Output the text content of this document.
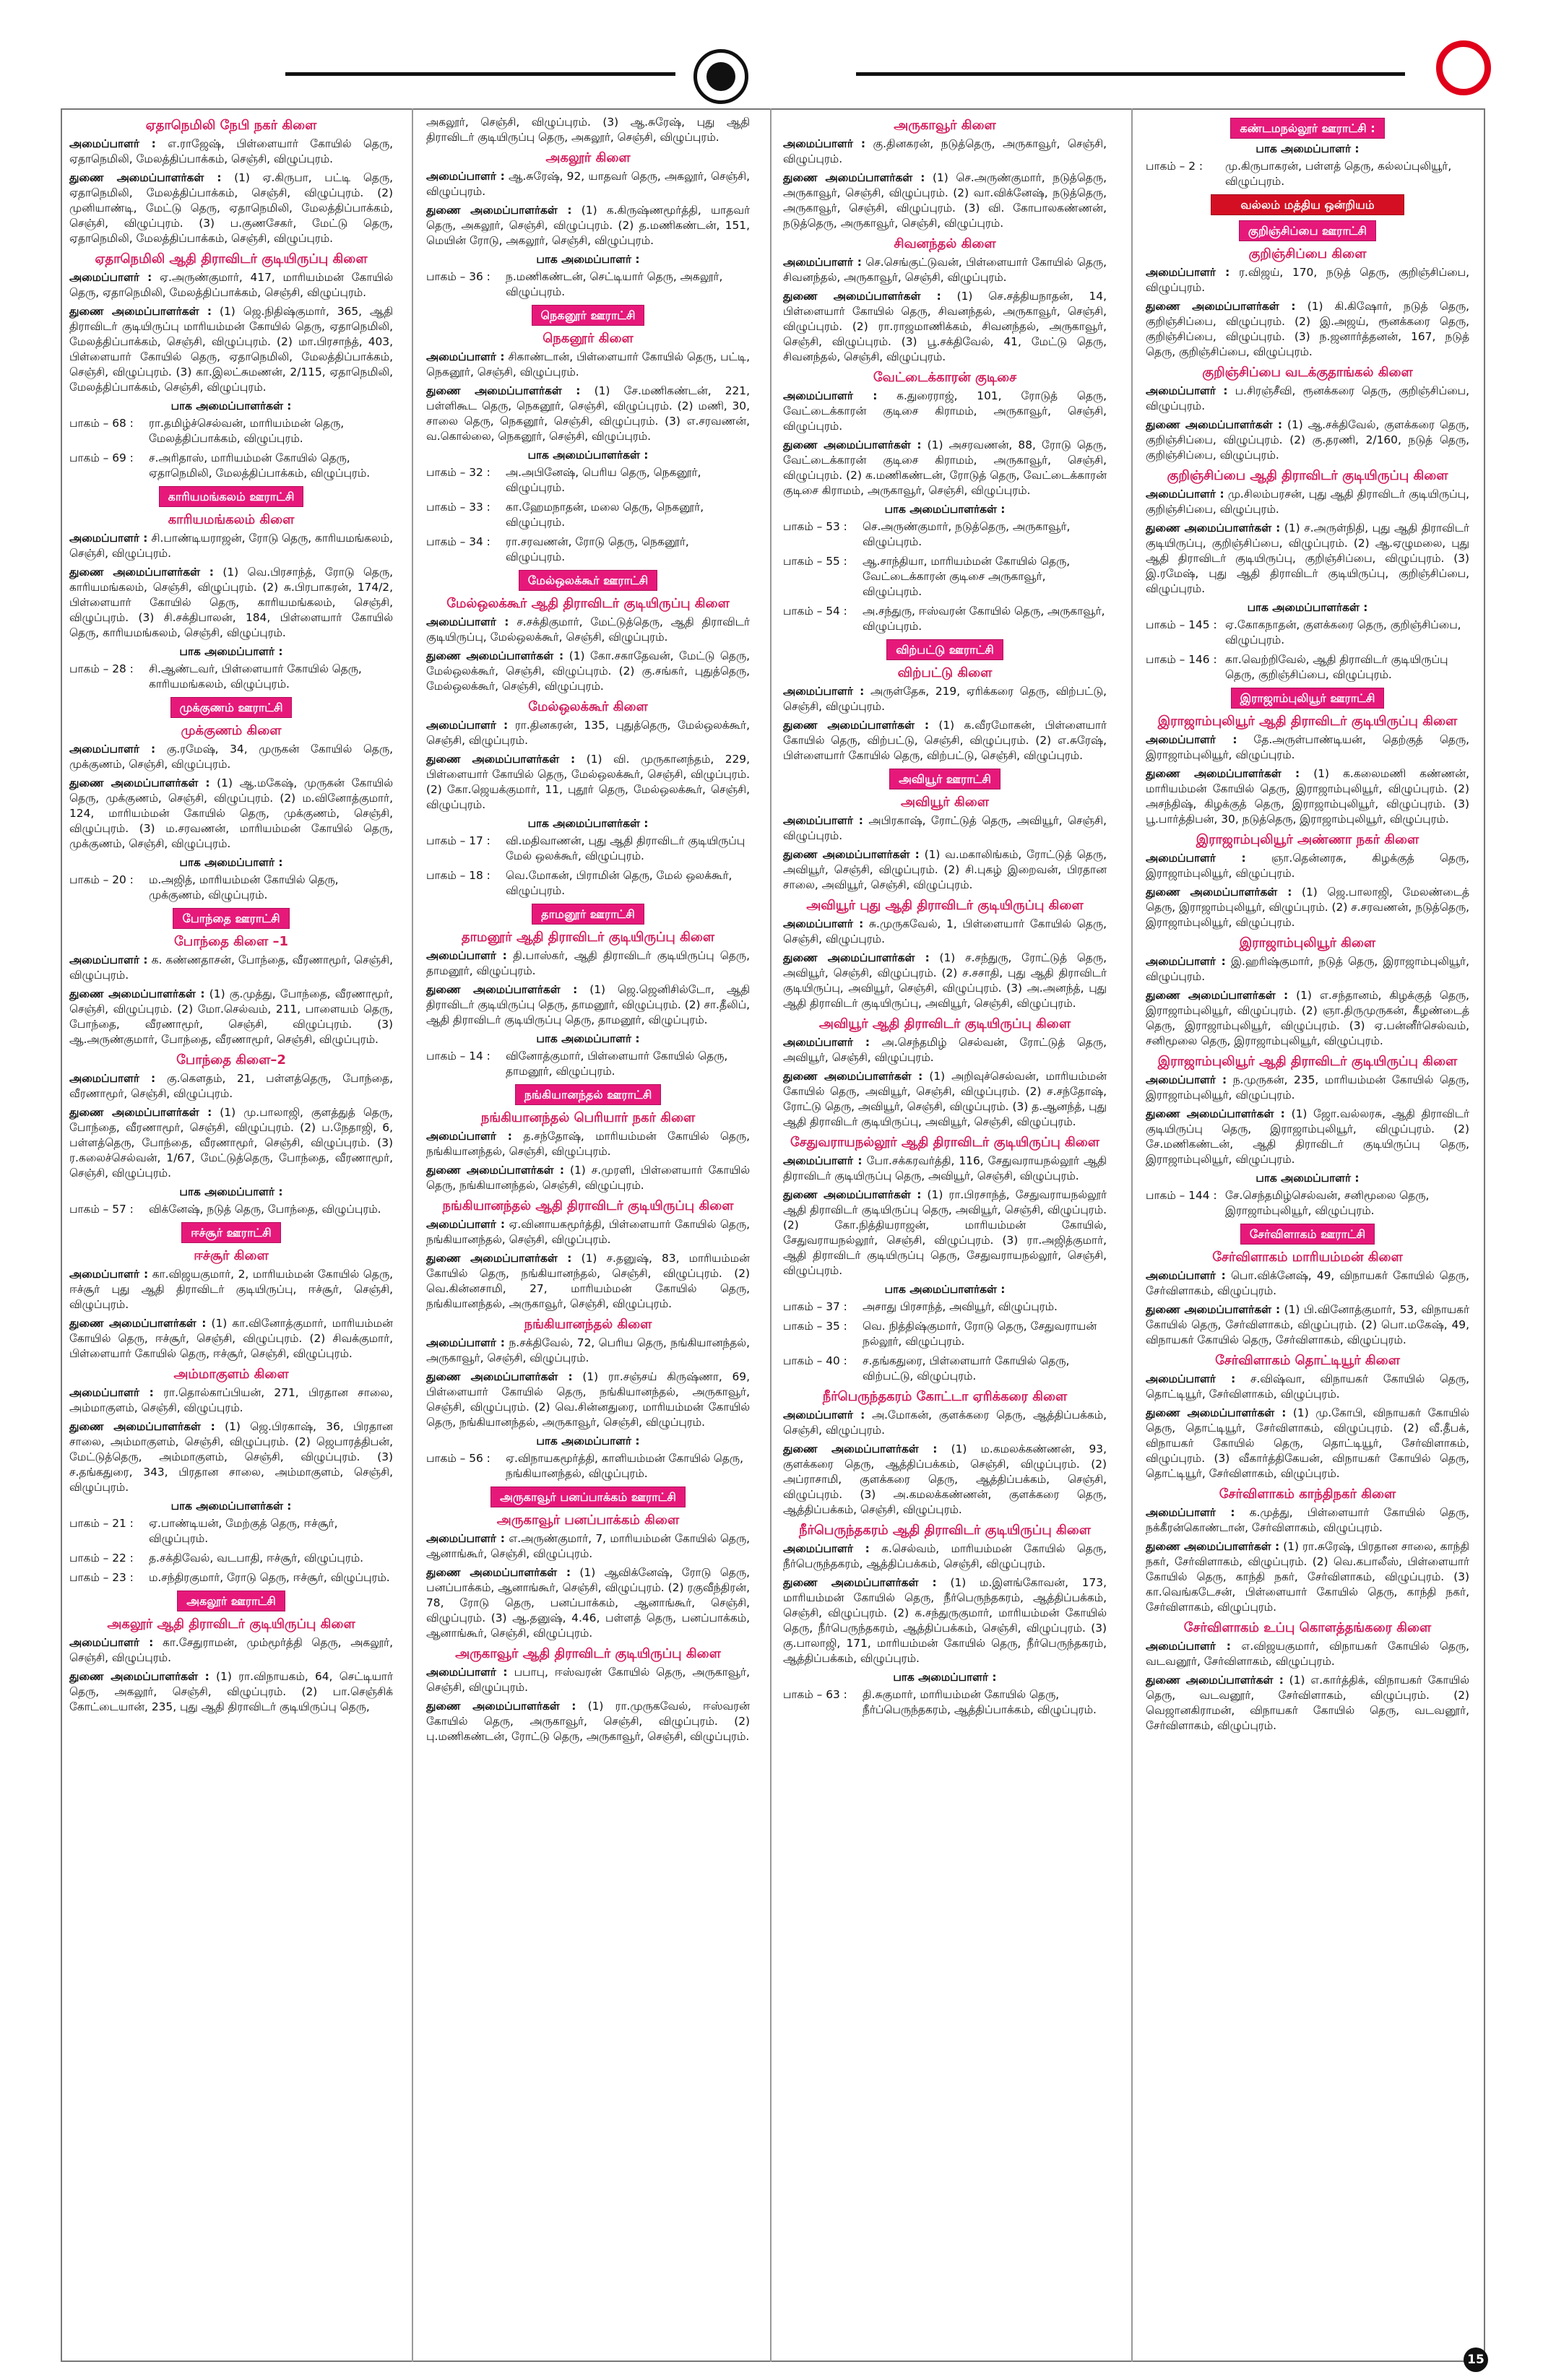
ஏதாநெமிலி நேபி நகர் கிளை
அமைப்பாளர் : எ.ராஜேஷ், பிள்ளையார் கோயில் தெரு, ஏதாநெமிலி, மேலத்திப்பாக்கம், செஞ்சி, விழுப்புரம்.
துணை அமைப்பாளர்கள் : (1) ஏ.கிருபா, பட்டி தெரு, ஏதாநெமிலி, மேலத்திப்பாக்கம், செஞ்சி, விழுப்புரம். (2) முனியாண்டி, மேட்டு தெரு, ஏதாநெமிலி, மேலத்திப்பாக்கம், செஞ்சி, விழுப்புரம். (3) ப.குணசேகர், மேட்டு தெரு, ஏதாநெமிலி, மேலத்திப்பாக்கம், செஞ்சி, விழுப்புரம்.
ஏதாநெமிலி ஆதி திராவிடர் குடியிருப்பு கிளை
அமைப்பாளர் : ஏ.அருண்குமார், 417, மாரியம்மன் கோயில் தெரு, ஏதாநெமிலி, மேலத்திப்பாக்கம், செஞ்சி, விழுப்புரம்.
துணை அமைப்பாளர்கள் : (1) ஜெ.நிதிஷ்குமார், 365, ஆதி திராவிடர் குடியிருப்பு மாரியம்மன் கோயில் தெரு, ஏதாநெமிலி, மேலத்திப்பாக்கம், செஞ்சி, விழுப்புரம். (2) மா.பிரசாந்த், 403, பிள்ளையார் கோயில் தெரு, ஏதாநெமிலி, மேலத்திப்பாக்கம், செஞ்சி, விழுப்புரம். (3) கா.இலட்சுமணன், 2/115, ஏதாநெமிலி, மேலத்திப்பாக்கம், செஞ்சி, விழுப்புரம்.
பாக அமைப்பாளர்கள் :
பாகம் – 68 :	ரா.தமிழ்ச்செல்வன், மாரியம்மன் தெரு, மேலத்திப்பாக்கம், விழுப்புரம்.
பாகம் – 69 :	ச.அரிதாஸ், மாரியம்மன் கோயில் தெரு, ஏதாநெமிலி, மேலத்திப்பாக்கம், விழுப்புரம்.
காரியமங்கலம் ஊராட்சி
காரியமங்கலம் கிளை
அமைப்பாளர் : சி.பாண்டியராஜன், ரோடு தெரு, காரியமங்கலம், செஞ்சி, விழுப்புரம்.
துணை அமைப்பாளர்கள் : (1) வெ.பிரசாந்த், ரோடு தெரு, காரியமங்கலம், செஞ்சி, விழுப்புரம். (2) சு.பிரபாகரன், 174/2, பிள்ளையார் கோயில் தெரு, காரியமங்கலம், செஞ்சி, விழுப்புரம். (3) சி.சக்திபாலன், 184, பிள்ளையார் கோயில் தெரு, காரியமங்கலம், செஞ்சி, விழுப்புரம்.
பாக அமைப்பாளர் :
பாகம் – 28 :	சி.ஆண்டவர், பிள்ளையார் கோயில் தெரு, காரியமங்கலம், விழுப்புரம்.
முக்குணம் ஊராட்சி
முக்குணம் கிளை
அமைப்பாளர் : கு.ரமேஷ், 34, முருகன் கோயில் தெரு, முக்குணம், செஞ்சி, விழுப்புரம்.
துணை அமைப்பாளர்கள் : (1) ஆ.மகேஷ், முருகன் கோயில் தெரு, முக்குணம், செஞ்சி, விழுப்புரம். (2) ம.வினோத்குமார், 124, மாரியம்மன் கோயில் தெரு, முக்குணம், செஞ்சி, விழுப்புரம். (3) ம.சரவணன், மாரியம்மன் கோயில் தெரு, முக்குணம், செஞ்சி, விழுப்புரம்.
பாக அமைப்பாளர் :
பாகம் – 20 :	ம.அஜித், மாரியம்மன் கோயில் தெரு, முக்குணம், விழுப்புரம்.
போந்தை ஊராட்சி
போந்தை கிளை –1
அமைப்பாளர் : க. கண்ணதாசன், போந்தை, வீரணாமூர், செஞ்சி, விழுப்புரம்.
துணை அமைப்பாளர்கள் : (1) கு.முத்து, போந்தை, வீரணாமூர், செஞ்சி, விழுப்புரம். (2) மோ.செல்வம், 211, பாளையம் தெரு, போந்தை, வீரணாமூர், செஞ்சி, விழுப்புரம். (3) ஆ.அருண்குமார், போந்தை, வீரணாமூர், செஞ்சி, விழுப்புரம்.
போந்தை கிளை–2
அமைப்பாளர் : கு.கௌதம், 21, பள்ளத்தெரு, போந்தை, வீரணாமூர், செஞ்சி, விழுப்புரம்.
துணை அமைப்பாளர்கள் : (1) மு.பாலாஜி, குளத்துத் தெரு, போந்தை, வீரணாமூர், செஞ்சி, விழுப்புரம். (2) ப.நேதாஜி, 6, பள்ளத்தெரு, போந்தை, வீரணாமூர், செஞ்சி, விழுப்புரம். (3) ர.கலைச்செல்வன், 1/67, மேட்டுத்தெரு, போந்தை, வீரணாமூர், செஞ்சி, விழுப்புரம்.
பாக அமைப்பாளர் :
பாகம் – 57 :	விக்னேஷ், நடுத் தெரு, போந்தை, விழுப்புரம்.
ஈச்சூர் ஊராட்சி
ஈச்சூர் கிளை
அமைப்பாளர் : கா.விஜயகுமார், 2, மாரியம்மன் கோயில் தெரு, ஈச்சூர் புது ஆதி திராவிடர் குடியிருப்பு, ஈச்சூர், செஞ்சி, விழுப்புரம்.
துணை அமைப்பாளர்கள் : (1) கா.வினோத்குமார், மாரியம்மன் கோயில் தெரு, ஈச்சூர், செஞ்சி, விழுப்புரம். (2) சிவக்குமார், பிள்ளையார் கோயில் தெரு, ஈச்சூர், செஞ்சி, விழுப்புரம்.
அம்மாகுளம் கிளை
அமைப்பாளர் : ரா.தொல்காப்பியன், 271, பிரதான சாலை, அம்மாகுளம், செஞ்சி, விழுப்புரம்.
துணை அமைப்பாளர்கள் : (1) ஜெ.பிரகாஷ், 36, பிரதான சாலை, அம்மாகுளம், செஞ்சி, விழுப்புரம். (2) ஜெபாரத்திபன், மேட்டுத்தெரு, அம்மாகுளம், செஞ்சி, விழுப்புரம். (3) ச.தங்கதுரை, 343, பிரதான சாலை, அம்மாகுளம், செஞ்சி, விழுப்புரம்.
பாக அமைப்பாளர்கள் :
பாகம் – 21 :	ஏ.பாண்டியன், மேற்குத் தெரு, ஈச்சூர், விழுப்புரம்.
பாகம் – 22 :	த.சக்திவேல், வடபாதி, ஈச்சூர், விழுப்புரம்.
பாகம் – 23 :	ம.சந்திரகுமார், ரோடு தெரு, ஈச்சூர், விழுப்புரம்.
அகலூர் ஊராட்சி
அகலூர் ஆதி திராவிடர் குடியிருப்பு கிளை
அமைப்பாளர் : கா.சேதுராமன், மும்மூர்த்தி தெரு, அகலூர், செஞ்சி, விழுப்புரம்.
துணை அமைப்பாளர்கள் : (1) ரா.விநாயகம், 64, செட்டியார் தெரு, அகலூர், செஞ்சி, விழுப்புரம். (2) பா.செஞ்சிக் கோட்டையான், 235, புது ஆதி திராவிடர் குடியிருப்பு தெரு,
அகலூர், செஞ்சி, விழுப்புரம். (3) ஆ.சுரேஷ், புது ஆதி திராவிடர் குடியிருப்பு தெரு, அகலூர், செஞ்சி, விழுப்புரம்.
அகலூர் கிளை
அமைப்பாளர் : ஆ.சுரேஷ், 92, யாதவர் தெரு, அகலூர், செஞ்சி, விழுப்புரம்.
துணை அமைப்பாளர்கள் : (1) க.கிருஷ்ணமூர்த்தி, யாதவர் தெரு, அகலூர், செஞ்சி, விழுப்புரம். (2) த.மணிகண்டன், 151, மெயின் ரோடு, அகலூர், செஞ்சி, விழுப்புரம்.
பாக அமைப்பாளர் :
பாகம் – 36 :	ந.மணிகண்டன், செட்டியார் தெரு, அகலூர், விழுப்புரம்.
நெகனூர் ஊராட்சி
நெகனூர் கிளை
அமைப்பாளர் : சிகாண்டான், பிள்ளையார் கோயில் தெரு, பட்டி, நெகனூர், செஞ்சி, விழுப்புரம்.
துணை அமைப்பாளர்கள் : (1) சே.மணிகண்டன், 221, பள்ளிகூட தெரு, நெகனூர், செஞ்சி, விழுப்புரம். (2) மணி, 30, சாலை தெரு, நெகனூர், செஞ்சி, விழுப்புரம். (3) எ.சரவணன், வ.கொல்லை, நெகனூர், செஞ்சி, விழுப்புரம்.
பாக அமைப்பாளர்கள் :
பாகம் – 32 :	அ.அபினேஷ், பெரிய தெரு, நெகனூர், விழுப்புரம்.
பாகம் – 33 :	கா.ஹேமநாதன், மலை தெரு, நெகனூர், விழுப்புரம்.
பாகம் – 34 :	ரா.சரவணன், ரோடு தெரு, நெகனூர், விழுப்புரம்.
மேல்ஒலக்கூர் ஊராட்சி
மேல்ஒலக்கூர் ஆதி திராவிடர் குடியிருப்பு கிளை
அமைப்பாளர் : ச.சக்திகுமார், மேட்டுத்தெரு, ஆதி திராவிடர் குடியிருப்பு, மேல்ஒலக்கூர், செஞ்சி, விழுப்புரம்.
துணை அமைப்பாளர்கள் : (1) கோ.சகாதேவன், மேட்டு தெரு, மேல்ஒலக்கூர், செஞ்சி, விழுப்புரம். (2) கு.சங்கர், புதுத்தெரு, மேல்ஒலக்கூர், செஞ்சி, விழுப்புரம்.
மேல்ஒலக்கூர் கிளை
அமைப்பாளர் : ரா.தினகரன், 135, புதுத்தெரு, மேல்ஒலக்கூர், செஞ்சி, விழுப்புரம்.
துணை அமைப்பாளர்கள் : (1) வி. முருகானந்தம், 229, பிள்ளையார் கோயில் தெரு, மேல்ஒலக்கூர், செஞ்சி, விழுப்புரம். (2) கோ.ஜெயக்குமார், 11, புதூர் தெரு, மேல்ஒலக்கூர், செஞ்சி, விழுப்புரம்.
பாக அமைப்பாளர்கள் :
பாகம் – 17 :	வி.மதிவாணன், புது ஆதி திராவிடர் குடியிருப்பு மேல் ஒலக்கூர், விழுப்புரம்.
பாகம் – 18 :	வெ.மோகன், பிராமின் தெரு, மேல் ஒலக்கூர், விழுப்புரம்.
தாமனூர் ஊராட்சி
தாமனூர் ஆதி திராவிடர் குடியிருப்பு கிளை
அமைப்பாளர் : தி.பாஸ்கர், ஆதி திராவிடர் குடியிருப்பு தெரு, தாமனூர், விழுப்புரம்.
துணை அமைப்பாளர்கள் : (1) ஜெ.ஜெனிசில்டோ, ஆதி திராவிடர் குடியிருப்பு தெரு, தாமனூர், விழுப்புரம். (2) சா.தீலிப், ஆதி திராவிடர் குடியிருப்பு தெரு, தாமனூர், விழுப்புரம்.
பாக அமைப்பாளர் :
பாகம் – 14 :	வினோத்குமார், பிள்ளையார் கோயில் தெரு, தாமனூர், விழுப்புரம்.
நங்கியானந்தல் ஊராட்சி
நங்கியானந்தல் பெரியார் நகர் கிளை
அமைப்பாளர் : த.சந்தோஷ், மாரியம்மன் கோயில் தெரு, நங்கியானந்தல், செஞ்சி, விழுப்புரம்.
துணை அமைப்பாளர்கள் : (1) ச.முரளி, பிள்ளையார் கோயில் தெரு, நங்கியானந்தல், செஞ்சி, விழுப்புரம்.
நங்கியானந்தல் ஆதி திராவிடர் குடியிருப்பு கிளை
அமைப்பாளர் : ஏ.வினாயகமூர்த்தி, பிள்ளையார் கோயில் தெரு, நங்கியானந்தல், செஞ்சி, விழுப்புரம்.
துணை அமைப்பாளர்கள் : (1) ச.தனுஷ், 83, மாரியம்மன் கோயில் தெரு, நங்கியானந்தல், செஞ்சி, விழுப்புரம். (2) வெ.கின்னசாமி, 27, மாரியம்மன் கோயில் தெரு, நங்கியானந்தல், அருகாவூர், செஞ்சி, விழுப்புரம்.
நங்கியானந்தல் கிளை
அமைப்பாளர் : ந.சக்திவேல், 72, பெரிய தெரு, நங்கியானந்தல், அருகாவூர், செஞ்சி, விழுப்புரம்.
துணை அமைப்பாளர்கள் : (1) ரா.சஞ்சய் கிருஷ்ணா, 69, பிள்ளையார் கோயில் தெரு, நங்கியானந்தல், அருகாவூர், செஞ்சி, விழுப்புரம். (2) வெ.சின்னதுரை, மாரியம்மன் கோயில் தெரு, நங்கியானந்தல், அருகாவூர், செஞ்சி, விழுப்புரம்.
பாக அமைப்பாளர் :
பாகம் – 56 :	ஏ.விநாயகமூர்த்தி, காளியம்மன் கோயில் தெரு, நங்கியானந்தல், விழுப்புரம்.
அருகாவூர் பனப்பாக்கம் ஊராட்சி
அருகாவூர் பனப்பாக்கம் கிளை
அமைப்பாளர் : எ.அருண்குமார், 7, மாரியம்மன் கோயில் தெரு, ஆனாங்கூர், செஞ்சி, விழுப்புரம்.
துணை அமைப்பாளர்கள் : (1) ஆவிக்னேஷ், ரோடு தெரு, பனப்பாக்கம், ஆனாங்கூர், செஞ்சி, விழுப்புரம். (2) ரகுவீந்திரன், 78, ரோடு தெரு, பனப்பாக்கம், ஆனாங்கூர், செஞ்சி, விழுப்புரம். (3) ஆ.தனுஷ், 4.46, பள்ளத் தெரு, பனப்பாக்கம், ஆனாங்கூர், செஞ்சி, விழுப்புரம்.
அருகாவூர் ஆதி திராவிடர் குடியிருப்பு கிளை
அமைப்பாளர் : பபாபு, ஈஸ்வரன் கோயில் தெரு, அருகாவூர், செஞ்சி, விழுப்புரம்.
துணை அமைப்பாளர்கள் : (1) ரா.முருகவேல், ஈஸ்வரன் கோயில் தெரு, அருகாவூர், செஞ்சி, விழுப்புரம். (2) பு.மணிகண்டன், ரோட்டு தெரு, அருகாவூர், செஞ்சி, விழுப்புரம்.
அருகாவூர் கிளை
அமைப்பாளர் : கு.தினகரன், நடுத்தெரு, அருகாவூர், செஞ்சி, விழுப்புரம்.
துணை அமைப்பாளர்கள் : (1) செ.அருண்குமார், நடுத்தெரு, அருகாவூர், செஞ்சி, விழுப்புரம். (2) வா.விக்னேஷ், நடுத்தெரு, அருகாவூர், செஞ்சி, விழுப்புரம். (3) வி. கோபாலகண்ணன், நடுத்தெரு, அருகாவூர், செஞ்சி, விழுப்புரம்.
சிவனந்தல் கிளை
அமைப்பாளர் : செ.செங்குட்டுவன், பிள்ளையார் கோயில் தெரு, சிவனந்தல், அருகாவூர், செஞ்சி, விழுப்புரம்.
துணை அமைப்பாளர்கள் : (1) செ.சத்தியநாதன், 14, பிள்ளையார் கோயில் தெரு, சிவனந்தல், அருகாவூர், செஞ்சி, விழுப்புரம். (2) ரா.ராஜமாணிக்கம், சிவனந்தல், அருகாவூர், செஞ்சி, விழுப்புரம். (3) பூ.சக்திவேல், 41, மேட்டு தெரு, சிவனந்தல், செஞ்சி, விழுப்புரம்.
வேட்டைக்காரன் குடிசை
அமைப்பாளர் : க.துரைராஜ், 101, ரோடுத் தெரு, வேட்டைக்காரன் குடிசை கிராமம், அருகாவூர், செஞ்சி, விழுப்புரம்.
துணை அமைப்பாளர்கள் : (1) அசரவணன், 88, ரோடு தெரு, வேட்டைக்காரன் குடிசை கிராமம், அருகாவூர், செஞ்சி, விழுப்புரம். (2) க.மணிகண்டன், ரோடுத் தெரு, வேட்டைக்காரன் குடிசை கிராமம், அருகாவூர், செஞ்சி, விழுப்புரம்.
பாக அமைப்பாளர்கள் :
பாகம் – 53 :	செ.அருண்குமார், நடுத்தெரு, அருகாவூர், விழுப்புரம்.
பாகம் – 55 :	ஆ.சாந்தியா, மாரியம்மன் கோயில் தெரு, வேட்டைக்காரன் குடிசை அருகாவூர், விழுப்புரம்.
பாகம் – 54 :	அ.சந்துரு, ஈஸ்வரன் கோயில் தெரு, அருகாவூர், விழுப்புரம்.
விற்பட்டு ஊராட்சி
விற்பட்டு கிளை
அமைப்பாளர் : அருள்தேசு, 219, ஏரிக்கரை தெரு, விற்பட்டு, செஞ்சி, விழுப்புரம்.
துணை அமைப்பாளர்கள் : (1) க.வீரமோகன், பிள்ளையார் கோயில் தெரு, விற்பட்டு, செஞ்சி, விழுப்புரம். (2) எ.சுரேஷ், பிள்ளையார் கோயில் தெரு, விற்பட்டு, செஞ்சி, விழுப்புரம்.
அவியூர் ஊராட்சி
அவியூர் கிளை
அமைப்பாளர் : அபிரகாஷ், ரோட்டுத் தெரு, அவியூர், செஞ்சி, விழுப்புரம்.
துணை அமைப்பாளர்கள் : (1) வ.மகாலிங்கம், ரோட்டுத் தெரு, அவியூர், செஞ்சி, விழுப்புரம். (2) சி.புகழ் இறைவன், பிரதான சாலை, அவியூர், செஞ்சி, விழுப்புரம்.
அவியூர் புது ஆதி திராவிடர் குடியிருப்பு கிளை
அமைப்பாளர் : சு.முருகவேல், 1, பிள்ளையார் கோயில் தெரு, செஞ்சி, விழுப்புரம்.
துணை அமைப்பாளர்கள் : (1) ச.சந்துரு, ரோட்டுத் தெரு, அவியூர், செஞ்சி, விழுப்புரம். (2) ச.சசாதி, புது ஆதி திராவிடர் குடியிருப்பு, அவியூர், செஞ்சி, விழுப்புரம். (3) அ.அனந்த், புது ஆதி திராவிடர் குடியிருப்பு, அவியூர், செஞ்சி, விழுப்புரம்.
அவியூர் ஆதி திராவிடர் குடியிருப்பு கிளை
அமைப்பாளர் : அ.செந்தமிழ் செல்வன், ரோட்டுத் தெரு, அவியூர், செஞ்சி, விழுப்புரம்.
துணை அமைப்பாளர்கள் : (1) அறிவுச்செல்வன், மாரியம்மன் கோயில் தெரு, அவியூர், செஞ்சி, விழுப்புரம். (2) ச.சந்தோஷ், ரோட்டு தெரு, அவியூர், செஞ்சி, விழுப்புரம். (3) த.ஆனந்த், புது ஆதி திராவிடர் குடியிருப்பு, அவியூர், செஞ்சி, விழுப்புரம்.
சேதுவராயநல்லூர் ஆதி திராவிடர் குடியிருப்பு கிளை
அமைப்பாளர் : போ.சக்கரவர்த்தி, 116, சேதுவராயநல்லூர் ஆதி திராவிடர் குடியிருப்பு தெரு, அவியூர், செஞ்சி, விழுப்புரம்.
துணை அமைப்பாளர்கள் : (1) ரா.பிரசாந்த், சேதுவராயநல்லூர் ஆதி திராவிடர் குடியிருப்பு தெரு, அவியூர், செஞ்சி, விழுப்புரம். (2) கோ.நித்தியராஜன், மாரியம்மன் கோயில், சேதுவராயநல்லூர், செஞ்சி, விழுப்புரம். (3) ரா.அஜித்குமார், ஆதி திராவிடர் குடியிருப்பு தெரு, சேதுவராயநல்லூர், செஞ்சி, விழுப்புரம்.
பாக அமைப்பாளர்கள் :
பாகம் – 37 :	அசாது பிரசாந்த், அவியூர், விழுப்புரம்.
பாகம் – 35 :	வெ. நித்திஷ்குமார், ரோடு தெரு, சேதுவராயன் நல்லூர், விழுப்புரம்.
பாகம் – 40 :	ச.தங்கதுரை, பிள்ளையார் கோயில் தெரு, விற்பட்டு, விழுப்புரம்.
நீர்பெருந்தகரம் கோட்டா ஏரிக்கரை கிளை
அமைப்பாளர் : அ.மோகன், குளக்கரை தெரு, ஆத்திப்பக்கம், செஞ்சி, விழுப்புரம்.
துணை அமைப்பாளர்கள் : (1) ம.கமலக்கண்ணன், 93, குளக்கரை தெரு, ஆத்திப்பக்கம், செஞ்சி, விழுப்புரம். (2) அப்ராசாமி, குளக்கரை தெரு, ஆத்திப்பக்கம், செஞ்சி, விழுப்புரம். (3) அ.கமலக்கண்ணன், குளக்கரை தெரு, ஆத்திப்பக்கம், செஞ்சி, விழுப்புரம்.
நீர்பெருந்தகரம் ஆதி திராவிடர் குடியிருப்பு கிளை
அமைப்பாளர் : க.செல்வம், மாரியம்மன் கோயில் தெரு, நீர்பெருந்தகரம், ஆத்திப்பக்கம், செஞ்சி, விழுப்புரம்.
துணை அமைப்பாளர்கள் : (1) ம.இளங்கோவன், 173, மாரியம்மன் கோயில் தெரு, நீர்பெருந்தகரம், ஆத்திப்பக்கம், செஞ்சி, விழுப்புரம். (2) க.சந்துருகுமார், மாரியம்மன் கோயில் தெரு, நீர்பெருந்தகரம், ஆத்திப்பக்கம், செஞ்சி, விழுப்புரம். (3) கு.பாலாஜி, 171, மாரியம்மன் கோயில் தெரு, நீர்பெருந்தகரம், ஆத்திப்பக்கம், விழுப்புரம்.
பாக அமைப்பாளர் :
பாகம் – 63 :	தி.சுகுமார், மாரியம்மன் கோயில் தெரு, நீர்ப்பெருந்தகரம், ஆத்திப்பாக்கம், விழுப்புரம்.
கண்டமநல்லூர் ஊராட்சி :
பாக அமைப்பாளர் :
பாகம் – 2 :	மு.கிருபாகரன், பள்ளத் தெரு, கல்லப்புலியூர், விழுப்புரம்.
வல்லம் மத்திய ஒன்றியம்
குறிஞ்சிப்பை ஊராட்சி
குறிஞ்சிப்பை கிளை
அமைப்பாளர் : ர.விஜய், 170, நடுத் தெரு, குறிஞ்சிப்பை, விழுப்புரம்.
துணை அமைப்பாளர்கள் : (1) கி.கிஷோர், நடுத் தெரு, குறிஞ்சிப்பை, விழுப்புரம். (2) இ.அஜய், ரூனக்கரை தெரு, குறிஞ்சிப்பை, விழுப்புரம். (3) ந.ஜனார்த்தனன், 167, நடுத் தெரு, குறிஞ்சிப்பை, விழுப்புரம்.
குறிஞ்சிப்பை வடக்குதாங்கல் கிளை
அமைப்பாளர் : ப.சிரஞ்சீவி, ரூனக்கரை தெரு, குறிஞ்சிப்பை, விழுப்புரம்.
துணை அமைப்பாளர்கள் : (1) ஆ.சக்திவேல், குளக்கரை தெரு, குறிஞ்சிப்பை, விழுப்புரம். (2) கு.தரணி, 2/160, நடுத் தெரு, குறிஞ்சிப்பை, விழுப்புரம்.
குறிஞ்சிப்பை ஆதி திராவிடர் குடியிருப்பு கிளை
அமைப்பாளர் : மு.சிலம்பரசன், புது ஆதி திராவிடர் குடியிருப்பு, குறிஞ்சிப்பை, விழுப்புரம்.
துணை அமைப்பாளர்கள் : (1) ச.அருள்நிதி, புது ஆதி திராவிடர் குடியிருப்பு, குறிஞ்சிப்பை, விழுப்புரம். (2) ஆ.ஏழுமலை, புது ஆதி திராவிடர் குடியிருப்பு, குறிஞ்சிப்பை, விழுப்புரம். (3) இ.ரமேஷ், புது ஆதி திராவிடர் குடியிருப்பு, குறிஞ்சிப்பை, விழுப்புரம்.
பாக அமைப்பாளர்கள் :
பாகம் – 145 : ஏ.கோகநாதன், குளக்கரை தெரு, குறிஞ்சிப்பை, விழுப்புரம்.
பாகம் – 146 : கா.வெற்றிவேல், ஆதி திராவிடர் குடியிருப்பு தெரு, குறிஞ்சிப்பை, விழுப்புரம்.
இராஜாம்புலியூர் ஊராட்சி
இராஜாம்புலியூர் ஆதி திராவிடர் குடியிருப்பு கிளை
அமைப்பாளர் : தே.அருள்பாண்டியன், தெற்குத் தெரு, இராஜாம்புலியூர், விழுப்புரம்.
துணை அமைப்பாளர்கள் : (1) க.கலைமணி கண்ணன், மாரியம்மன் கோயில் தெரு, இராஜாம்புலியூர், விழுப்புரம். (2) அசந்திஷ், கிழக்குத் தெரு, இராஜாம்புலியூர், விழுப்புரம். (3) பூ.பார்த்திபன், 30, நடுத்தெரு, இராஜாம்புலியூர், விழுப்புரம்.
இராஜாம்புலியூர் அண்ணா நகர் கிளை
அமைப்பாளர் : ஞா.தென்னரசு, கிழக்குத் தெரு, இராஜாம்புலியூர், விழுப்புரம்.
துணை அமைப்பாளர்கள் : (1) ஜெ.பாலாஜி, மேலண்டைத் தெரு, இராஜாம்புலியூர், விழுப்புரம். (2) ச.சரவணன், நடுத்தெரு, இராஜாம்புலியூர், விழுப்புரம்.
இராஜாம்புலியூர் கிளை
அமைப்பாளர் : இ.ஹரிஷ்குமார், நடுத் தெரு, இராஜாம்புலியூர், விழுப்புரம்.
துணை அமைப்பாளர்கள் : (1) எ.சந்தானம், கிழக்குத் தெரு, இராஜாம்புலியூர், விழுப்புரம். (2) ஞா.திருமுருகன், கீழண்டைத் தெரு, இராஜாம்புலியூர், விழுப்புரம். (3) ஏ.பன்னீர்செல்வம், சனிமூலை தெரு, இராஜாம்புலியூர், விழுப்புரம்.
இராஜாம்புலியூர் ஆதி திராவிடர் குடியிருப்பு கிளை
அமைப்பாளர் : ந.முருகன், 235, மாரியம்மன் கோயில் தெரு, இராஜாம்புலியூர், விழுப்புரம்.
துணை அமைப்பாளர்கள் : (1) ஜோ.வல்லரசு, ஆதி திராவிடர் குடியிருப்பு தெரு, இராஜாம்புலியூர், விழுப்புரம். (2) சே.மணிகண்டன், ஆதி திராவிடர் குடியிருப்பு தெரு, இராஜாம்புலியூர், விழுப்புரம்.
பாக அமைப்பாளர் :
பாகம் – 144 : சே.செந்தமிழ்செல்வன், சனிமூலை தெரு, இராஜாம்புலியூர், விழுப்புரம்.
சேர்விளாகம் ஊராட்சி
சேர்விளாகம் மாரியம்மன் கிளை
அமைப்பாளர் : பொ.விக்னேஷ், 49, விநாயகர் கோயில் தெரு, சேர்விளாகம், விழுப்புரம்.
துணை அமைப்பாளர்கள் : (1) பி.வினோத்குமார், 53, விநாயகர் கோயில் தெரு, சேர்விளாகம், விழுப்புரம். (2) பொ.மகேஷ், 49, விநாயகர் கோயில் தெரு, சேர்விளாகம், விழுப்புரம்.
சேர்விளாகம் தொட்டியூர் கிளை
அமைப்பாளர் : ச.விஷ்வா, விநாயகர் கோயில் தெரு, தொட்டியூர், சேர்விளாகம், விழுப்புரம்.
துணை அமைப்பாளர்கள் : (1) மு.கோபி, விநாயகர் கோயில் தெரு, தொட்டியூர், சேர்விளாகம், விழுப்புரம். (2) வீ.தீபக், விநாயகர் கோயில் தெரு, தொட்டியூர், சேர்விளாகம், விழுப்புரம். (3) வீகார்த்திகேயன், விநாயகர் கோயில் தெரு, தொட்டியூர், சேர்விளாகம், விழுப்புரம்.
சேர்விளாகம் காந்திநகர் கிளை
அமைப்பாளர் : க.முத்து, பிள்ளையார் கோயில் தெரு, நக்கீரன்கொண்டான், சேர்விளாகம், விழுப்புரம்.
துணை அமைப்பாளர்கள் : (1) ரா.சுரேஷ், பிரதான சாலை, காந்தி நகர், சேர்விளாகம், விழுப்புரம். (2) வெ.கபாலீஸ், பிள்ளையார் கோயில் தெரு, காந்தி நகர், சேர்விளாகம், விழுப்புரம். (3) கா.வெங்கடேசன், பிள்ளையார் கோயில் தெரு, காந்தி நகர், சேர்விளாகம், விழுப்புரம்.
சேர்விளாகம் உப்பு கொளத்தங்கரை கிளை
அமைப்பாளர் : எ.விஜயகுமார், விநாயகர் கோயில் தெரு, வடவனூர், சேர்விளாகம், விழுப்புரம்.
துணை அமைப்பாளர்கள் : (1) எ.கார்த்திக், விநாயகர் கோயில் தெரு, வடவனூர், சேர்விளாகம், விழுப்புரம். (2) வெஜானகிராமன், விநாயகர் கோயில் தெரு, வடவனூர், சேர்விளாகம், விழுப்புரம்.
15
